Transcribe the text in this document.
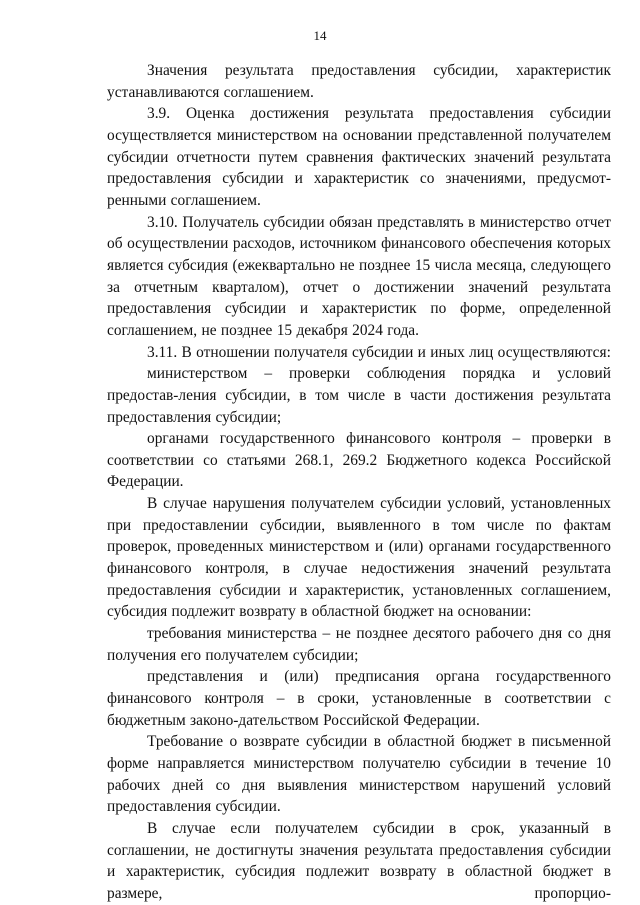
14

Значения результата предоставления субсидии, характеристик устанавливаются соглашением.

3.9. Оценка достижения результата предоставления субсидии осуществляется министерством на основании представленной получателем субсидии отчетности путем сравнения фактических значений результата предоставления субсидии и характеристик со значениями, предусмот-ренными соглашением.

3.10. Получатель субсидии обязан представлять в министерство отчет об осуществлении расходов, источником финансового обеспечения которых является субсидия (ежеквартально не позднее 15 числа месяца, следующего за отчетным кварталом), отчет о достижении значений результата предоставления субсидии и характеристик по форме, определенной соглашением, не позднее 15 декабря 2024 года.

3.11. В отношении получателя субсидии и иных лиц осуществляются:

министерством – проверки соблюдения порядка и условий предостав-ления субсидии, в том числе в части достижения результата предоставления субсидии;

органами государственного финансового контроля – проверки в соответствии со статьями 268.1, 269.2 Бюджетного кодекса Российской Федерации.

В случае нарушения получателем субсидии условий, установленных при предоставлении субсидии, выявленного в том числе по фактам проверок, проведенных министерством и (или) органами государственного финансового контроля, в случае недостижения значений результата предоставления субсидии и характеристик, установленных соглашением, субсидия подлежит возврату в областной бюджет на основании:

требования министерства – не позднее десятого рабочего дня со дня получения его получателем субсидии;

представления и (или) предписания органа государственного финансового контроля – в сроки, установленные в соответствии с бюджетным законо-дательством Российской Федерации.

Требование о возврате субсидии в областной бюджет в письменной форме направляется министерством получателю субсидии в течение 10 рабочих дней со дня выявления министерством нарушений условий предоставления субсидии.

В случае если получателем субсидии в срок, указанный в соглашении, не достигнуты значения результата предоставления субсидии и характеристик, субсидия подлежит возврату в областной бюджет в размере, пропорцио-
